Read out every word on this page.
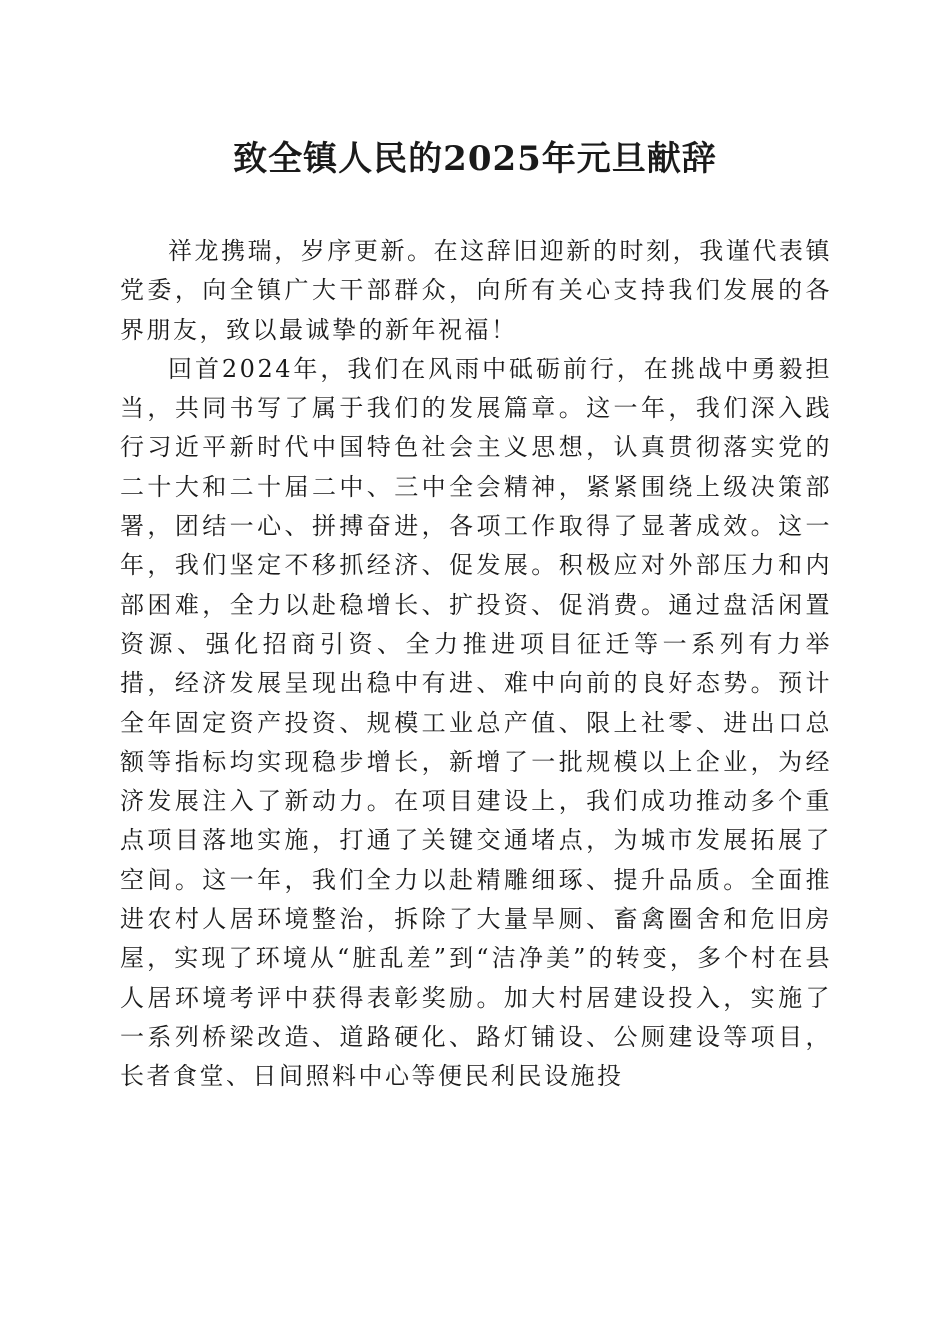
致全镇人民的2025年元旦献辞

祥龙携瑞，岁序更新。在这辞旧迎新的时刻，我谨代表镇党委，向全镇广大干部群众，向所有关心支持我们发展的各界朋友，致以最诚挚的新年祝福！

回首2024年，我们在风雨中砥砺前行，在挑战中勇毅担当，共同书写了属于我们的发展篇章。这一年，我们深入践行习近平新时代中国特色社会主义思想，认真贯彻落实党的二十大和二十届二中、三中全会精神，紧紧围绕上级决策部署，团结一心、拼搏奋进，各项工作取得了显著成效。这一年，我们坚定不移抓经济、促发展。积极应对外部压力和内部困难，全力以赴稳增长、扩投资、促消费。通过盘活闲置资源、强化招商引资、全力推进项目征迁等一系列有力举措，经济发展呈现出稳中有进、难中向前的良好态势。预计全年固定资产投资、规模工业总产值、限上社零、进出口总额等指标均实现稳步增长，新增了一批规模以上企业，为经济发展注入了新动力。在项目建设上，我们成功推动多个重点项目落地实施，打通了关键交通堵点，为城市发展拓展了空间。这一年，我们全力以赴精雕细琢、提升品质。全面推进农村人居环境整治，拆除了大量旱厕、畜禽圈舍和危旧房屋，实现了环境从“脏乱差”到“洁净美”的转变，多个村在县人居环境考评中获得表彰奖励。加大村居建设投入，实施了一系列桥梁改造、道路硬化、路灯铺设、公厕建设等项目，长者食堂、日间照料中心等便民利民设施投
